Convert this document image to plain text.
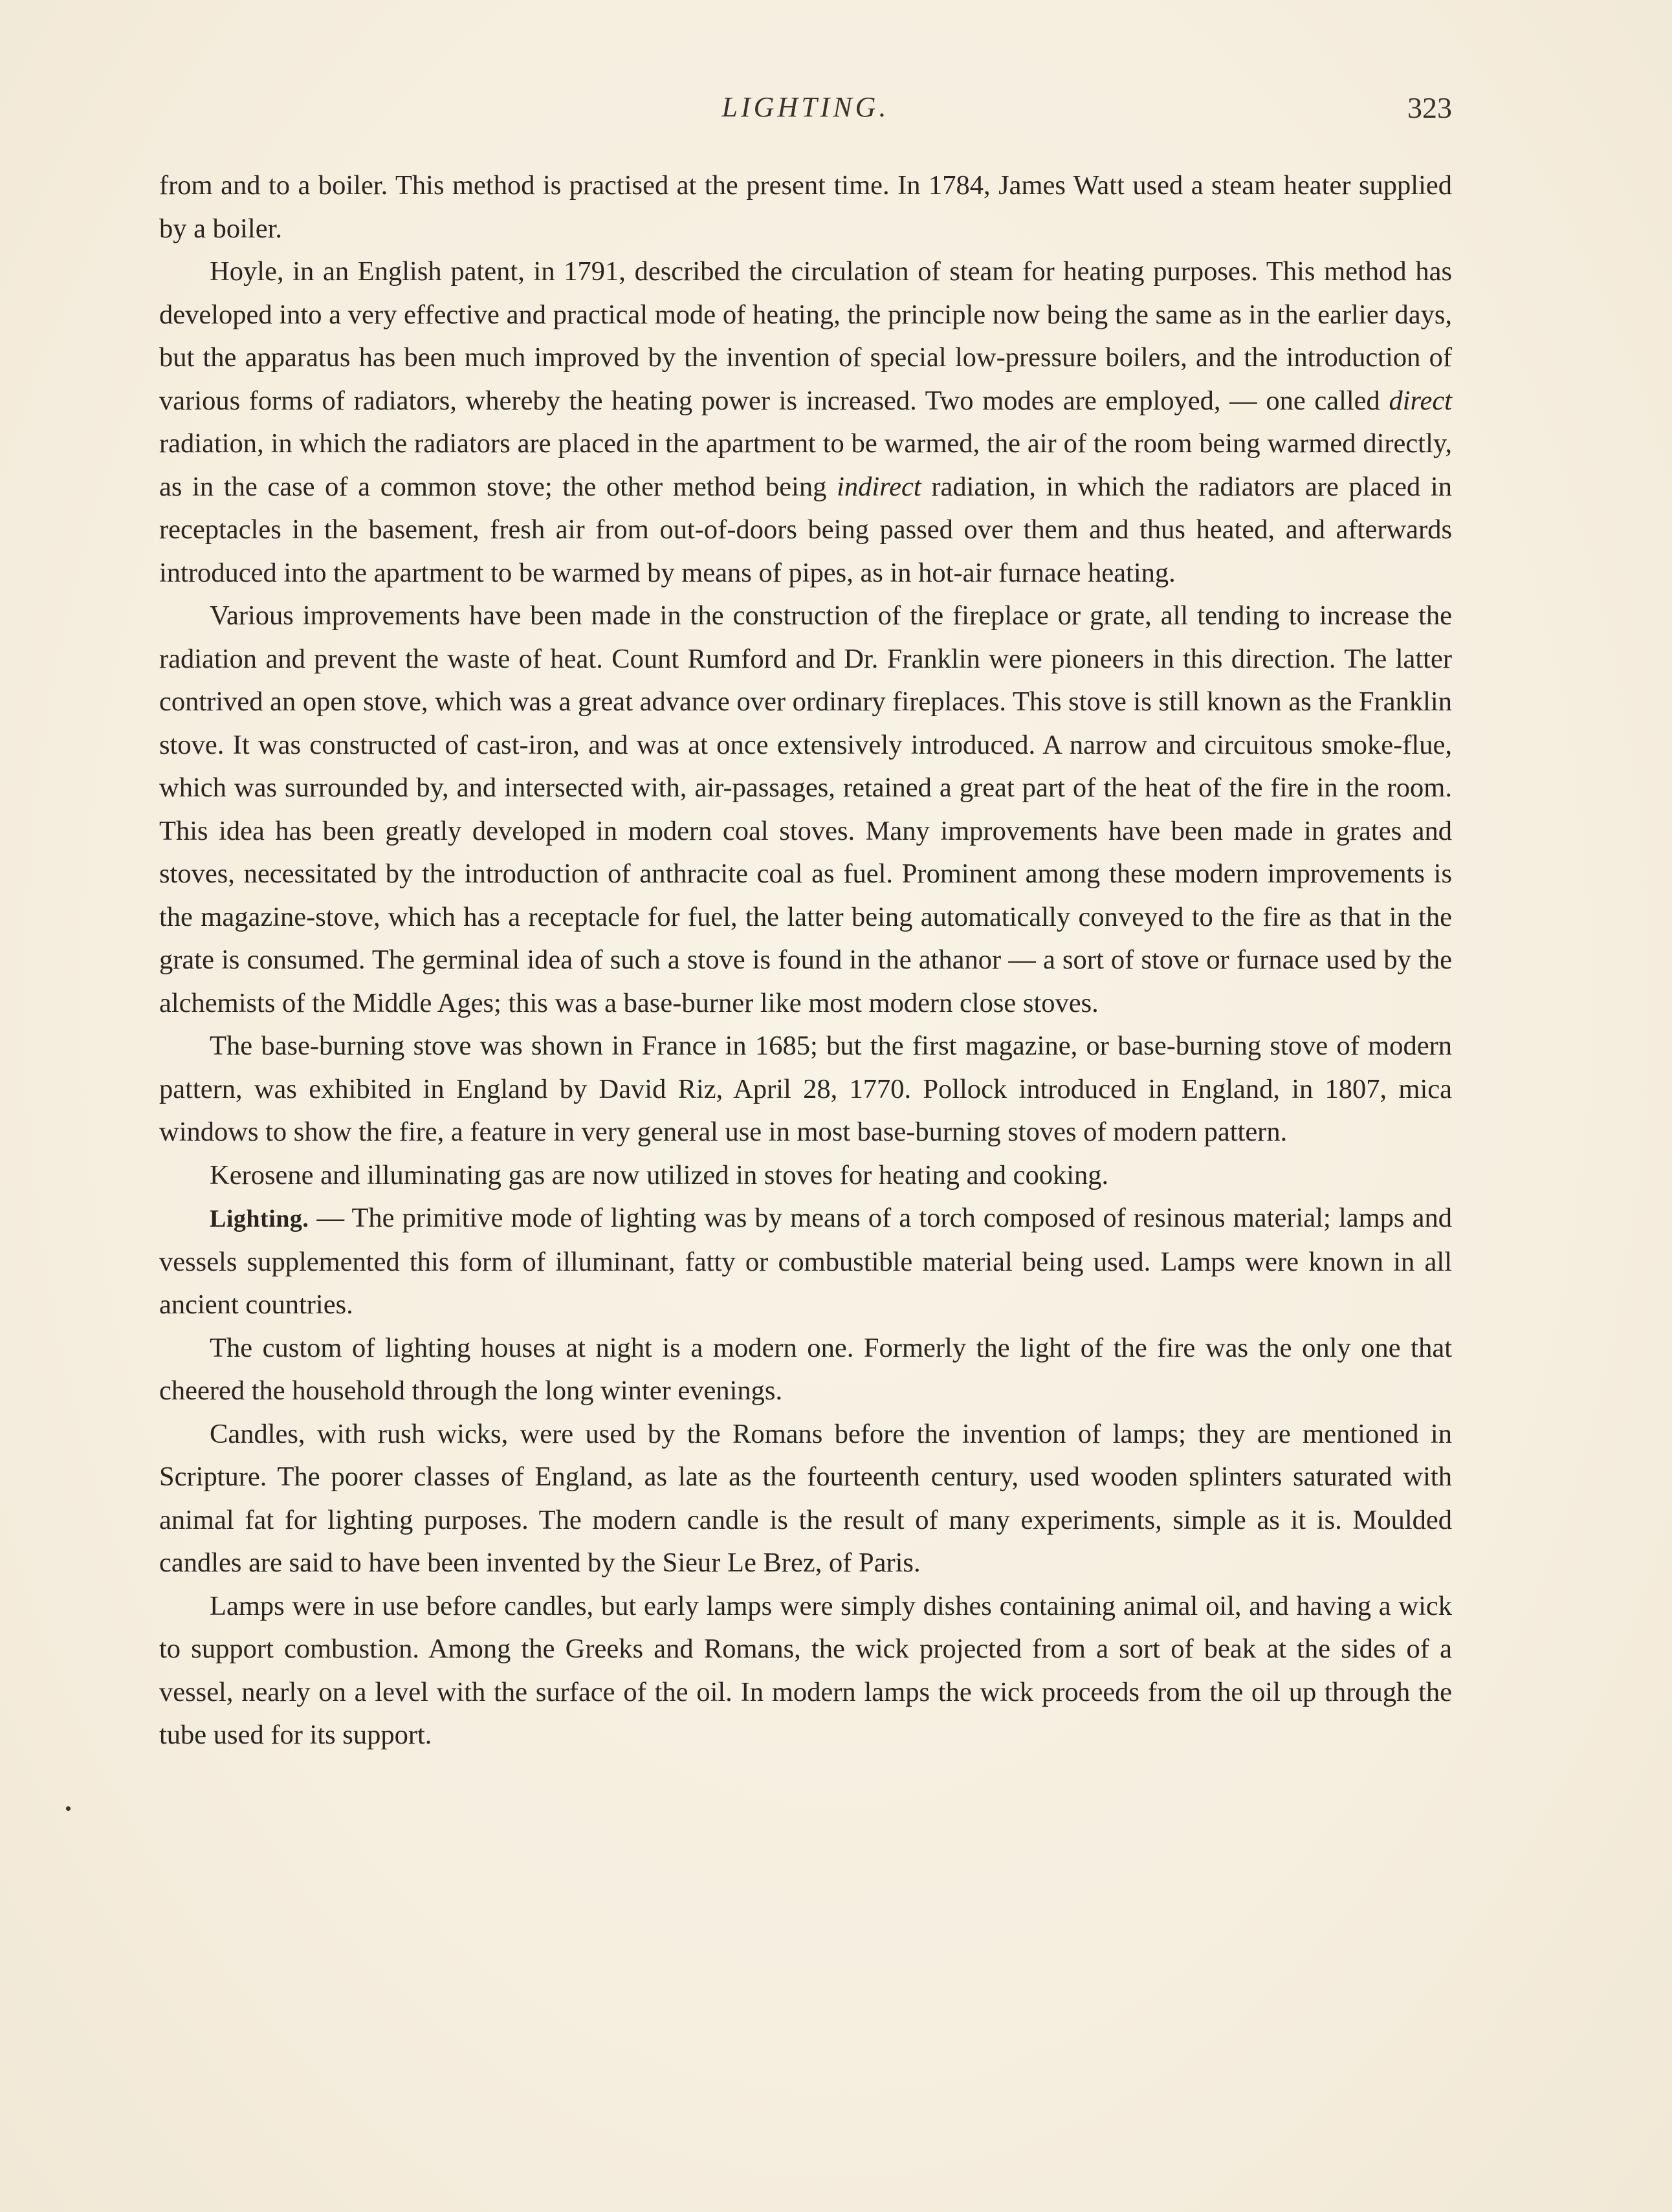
LIGHTING.	323

from and to a boiler. This method is practised at the present time. In 1784, James Watt used a steam heater supplied by a boiler.

Hoyle, in an English patent, in 1791, described the circulation of steam for heating purposes. This method has developed into a very effective and practical mode of heating, the principle now being the same as in the earlier days, but the apparatus has been much improved by the invention of special low-pressure boilers, and the introduction of various forms of radiators, whereby the heating power is increased. Two modes are employed, — one called direct radiation, in which the radiators are placed in the apartment to be warmed, the air of the room being warmed directly, as in the case of a common stove; the other method being indirect radiation, in which the radiators are placed in receptacles in the basement, fresh air from out-of-doors being passed over them and thus heated, and afterwards introduced into the apartment to be warmed by means of pipes, as in hot-air furnace heating.

Various improvements have been made in the construction of the fireplace or grate, all tending to increase the radiation and prevent the waste of heat. Count Rumford and Dr. Franklin were pioneers in this direction. The latter contrived an open stove, which was a great advance over ordinary fireplaces. This stove is still known as the Franklin stove. It was constructed of cast-iron, and was at once extensively introduced. A narrow and circuitous smoke-flue, which was surrounded by, and intersected with, air-passages, retained a great part of the heat of the fire in the room. This idea has been greatly developed in modern coal stoves. Many improvements have been made in grates and stoves, necessitated by the introduction of anthracite coal as fuel. Prominent among these modern improvements is the magazine-stove, which has a receptacle for fuel, the latter being automatically conveyed to the fire as that in the grate is consumed. The germinal idea of such a stove is found in the athanor — a sort of stove or furnace used by the alchemists of the Middle Ages; this was a base-burner like most modern close stoves.

The base-burning stove was shown in France in 1685; but the first magazine, or base-burning stove of modern pattern, was exhibited in England by David Riz, April 28, 1770. Pollock introduced in England, in 1807, mica windows to show the fire, a feature in very general use in most base-burning stoves of modern pattern.

Kerosene and illuminating gas are now utilized in stoves for heating and cooking.

Lighting. — The primitive mode of lighting was by means of a torch composed of resinous material; lamps and vessels supplemented this form of illuminant, fatty or combustible material being used. Lamps were known in all ancient countries.

The custom of lighting houses at night is a modern one. Formerly the light of the fire was the only one that cheered the household through the long winter evenings.

Candles, with rush wicks, were used by the Romans before the invention of lamps; they are mentioned in Scripture. The poorer classes of England, as late as the fourteenth century, used wooden splinters saturated with animal fat for lighting purposes. The modern candle is the result of many experiments, simple as it is. Moulded candles are said to have been invented by the Sieur Le Brez, of Paris.

Lamps were in use before candles, but early lamps were simply dishes containing animal oil, and having a wick to support combustion. Among the Greeks and Romans, the wick projected from a sort of beak at the sides of a vessel, nearly on a level with the surface of the oil. In modern lamps the wick proceeds from the oil up through the tube used for its support.
